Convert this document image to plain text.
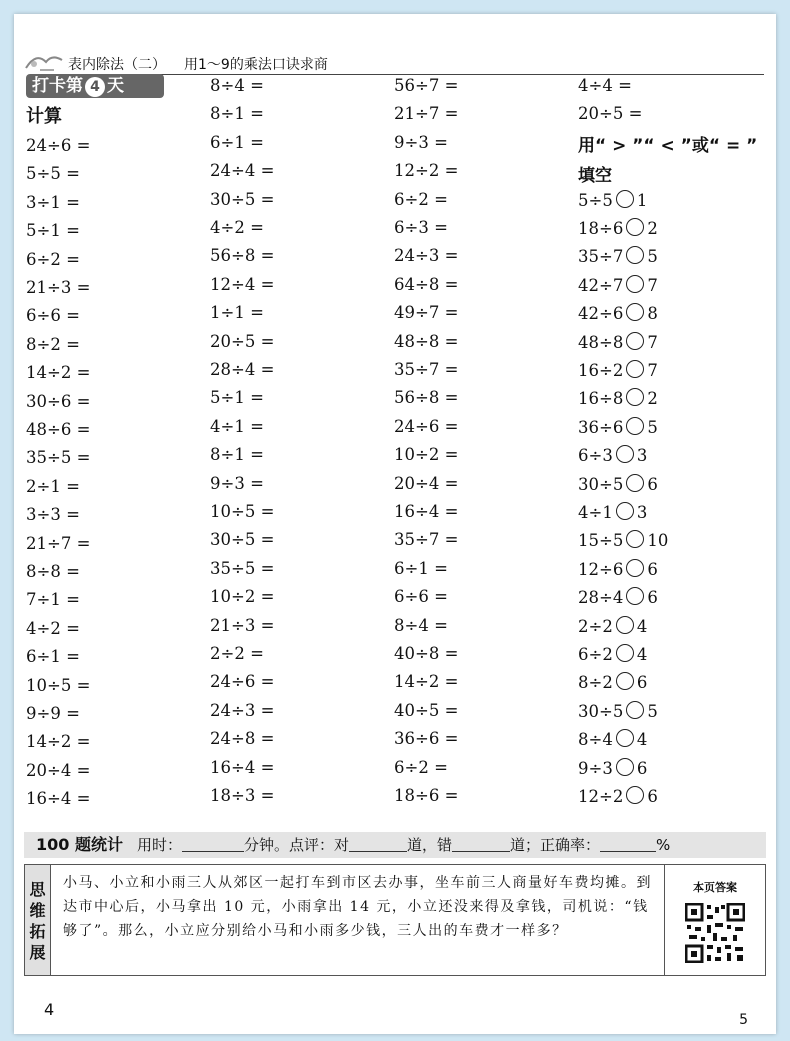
表内除法（二） 用1～9的乘法口诀求商
打卡第 4 天
计算
24÷6 =
5÷5 =
3÷1 =
5÷1 =
6÷2 =
21÷3 =
6÷6 =
8÷2 =
14÷2 =
30÷6 =
48÷6 =
35÷5 =
2÷1 =
3÷3 =
21÷7 =
8÷8 =
7÷1 =
4÷2 =
6÷1 =
10÷5 =
9÷9 =
14÷2 =
20÷4 =
16÷4 =
8÷4 =
8÷1 =
6÷1 =
24÷4 =
30÷5 =
4÷2 =
56÷8 =
12÷4 =
1÷1 =
20÷5 =
28÷4 =
5÷1 =
4÷1 =
8÷1 =
9÷3 =
10÷5 =
30÷5 =
35÷5 =
10÷2 =
21÷3 =
2÷2 =
24÷6 =
24÷3 =
24÷8 =
16÷4 =
18÷3 =
56÷7 =
21÷7 =
9÷3 =
12÷2 =
6÷2 =
6÷3 =
24÷3 =
64÷8 =
49÷7 =
48÷8 =
35÷7 =
56÷8 =
24÷6 =
10÷2 =
20÷4 =
16÷4 =
35÷7 =
6÷1 =
6÷6 =
8÷4 =
40÷8 =
14÷2 =
40÷5 =
36÷6 =
6÷2 =
18÷6 =
4÷4 =
20÷5 =
用“ > ”“ < ”或“ = ”
填空
5÷5 1
18÷6 2
35÷7 5
42÷7 7
42÷6 8
48÷8 7
16÷2 7
16÷8 2
36÷6 5
6÷3 3
30÷5 6
4÷1 3
15÷5 10
12÷6 6
28÷4 6
2÷2 4
6÷2 4
8÷2 6
30÷5 5
8÷4 4
9÷3 6
12÷2 6
100 题统计 用时：	分钟。点评：对	道，错	道；正确率：	%
思
维
拓
展
小马、小立和小雨三人从郊区一起打车到市区去办事，坐车前三人商量好车费均摊。到达市中心后，小马拿出 10 元，小雨拿出 14 元，小立还没来得及拿钱，司机说：“钱够了”。那么，小立应分别给小马和小雨多少钱，三人出的车费才一样多？
本页答案
4
5
